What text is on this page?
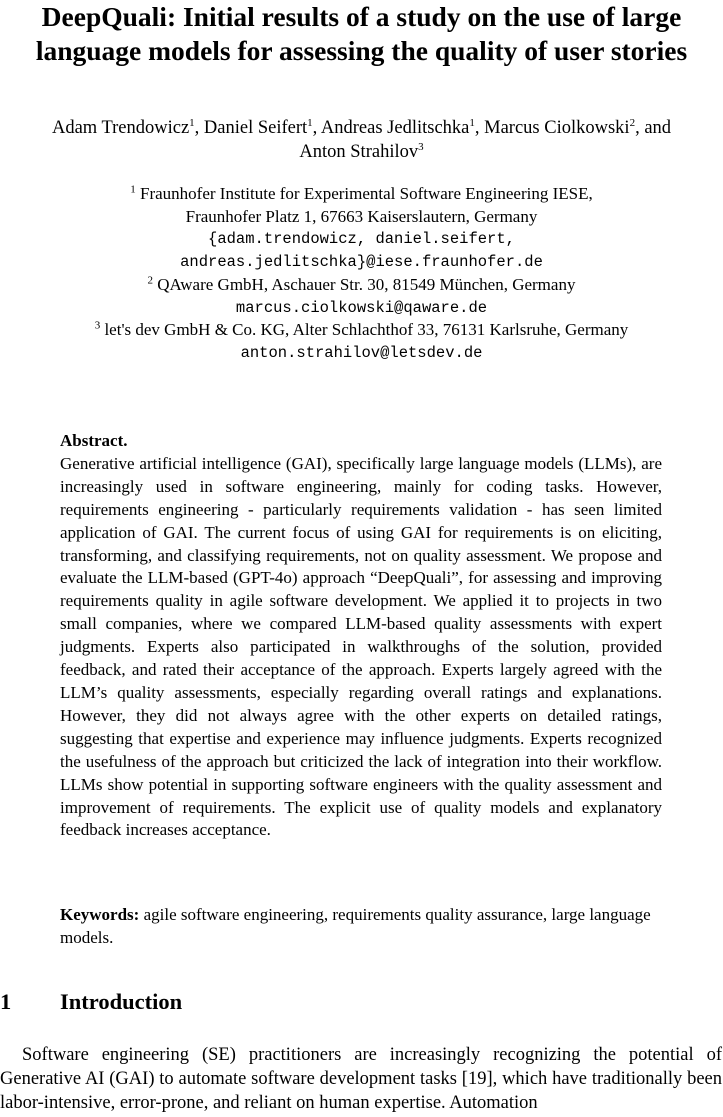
DeepQuali: Initial results of a study on the use of large
language models for assessing the quality of user stories
Adam Trendowicz$^1$, Daniel Seifert$^1$, Andreas Jedlitschka$^1$, Marcus Ciolkowski$^2$, and
Anton Strahilov$^3$
$^1$ Fraunhofer Institute for Experimental Software Engineering IESE,
Fraunhofer Platz 1, 67663 Kaiserslautern, Germany
{adam.trendowicz, daniel.seifert,
andreas.jedlitschka}@iese.fraunhofer.de
$^2$ QAware GmbH, Aschauer Str. 30, 81549 München, Germany
marcus.ciolkowski@qaware.de
$^3$ let's dev GmbH & Co. KG, Alter Schlachthof 33, 76131 Karlsruhe, Germany
anton.strahilov@letsdev.de
Abstract.
Generative artificial intelligence (GAI), specifically large language models (LLMs), are increasingly used in software engineering, mainly for coding tasks. However, requirements engineering - particularly requirements validation - has seen limited application of GAI. The current focus of using GAI for requirements is on eliciting, transforming, and classifying requirements, not on quality assessment. We propose and evaluate the LLM-based (GPT-4o) approach “DeepQuali”, for assessing and improving requirements quality in agile software development. We applied it to projects in two small companies, where we compared LLM-based quality assessments with expert judgments. Experts also participated in walkthroughs of the solution, provided feedback, and rated their acceptance of the approach. Experts largely agreed with the LLM’s quality assessments, especially regarding overall ratings and explanations. However, they did not always agree with the other experts on detailed ratings, suggesting that expertise and experience may influence judgments. Experts recognized the usefulness of the approach but criticized the lack of integration into their workflow. LLMs show potential in supporting software engineers with the quality assessment and improvement of requirements. The explicit use of quality models and explanatory feedback increases acceptance.
Keywords: agile software engineering, requirements quality assurance, large language models.
1 Introduction
Software engineering (SE) practitioners are increasingly recognizing the potential of Generative AI (GAI) to automate software development tasks [19], which have traditionally been labor-intensive, error-prone, and reliant on human expertise. Automation
